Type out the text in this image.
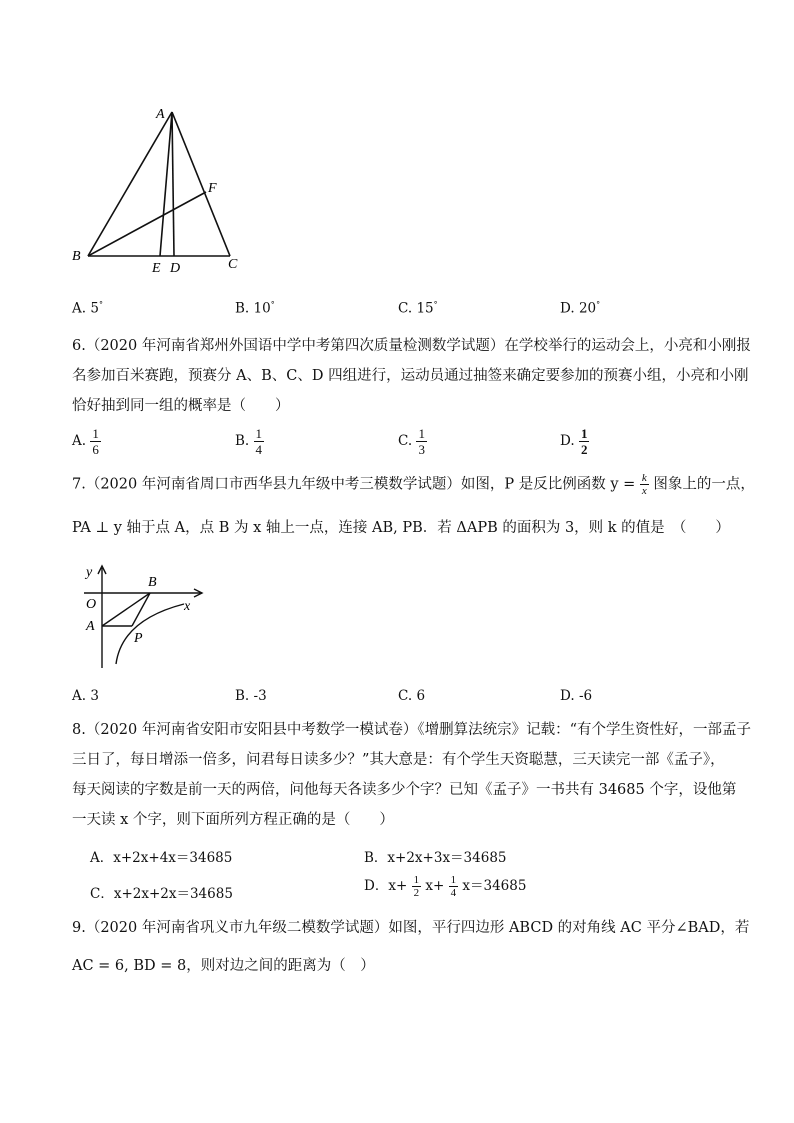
A
B
C
D
E
F
A. 5°	B. 10°	C. 15°	D. 20°
6.（2020 年河南省郑州外国语中学中考第四次质量检测数学试题）在学校举行的运动会上，小亮和小刚报
名参加百米赛跑，预赛分 A、B、C、D 四组进行，运动员通过抽签来确定要参加的预赛小组，小亮和小刚
恰好抽到同一组的概率是（　　）
A. $\frac{1}{6}$	B. $\frac{1}{4}$	C. $\frac{1}{3}$	D. $\frac{1}{2}$
7.（2020 年河南省周口市西华县九年级中考三模数学试题）如图，P 是反比例函数 $y = \frac{k}{x}$ 图象上的一点，
PA ⊥ y 轴于点 A，点 B 为 x 轴上一点，连接 AB, PB．若 ΔAPB 的面积为 3，则 k 的值是　（　　）
y
B
O	x
A
P
A. 3	B. -3	C. 6	D. -6
8.（2020 年河南省安阳市安阳县中考数学一模试卷）《增删算法统宗》记载：“有个学生资性好，一部孟子
三日了，每日增添一倍多，问君每日读多少？”其大意是：有个学生天资聪慧，三天读完一部《孟子》，
每天阅读的字数是前一天的两倍，问他每天各读多少个字？已知《孟子》一书共有 34685 个字，设他第
一天读 x 个字，则下面所列方程正确的是（　　）
A．x+2x+4x＝34685	B．x+2x+3x＝34685
C．x+2x+2x＝34685	D．$x+ \frac{1}{2} x+ \frac{1}{4} x=34685$
9.（2020 年河南省巩义市九年级二模数学试题）如图，平行四边形 ABCD 的对角线 AC 平分∠BAD，若
AC = 6, BD = 8，则对边之间的距离为（　）
